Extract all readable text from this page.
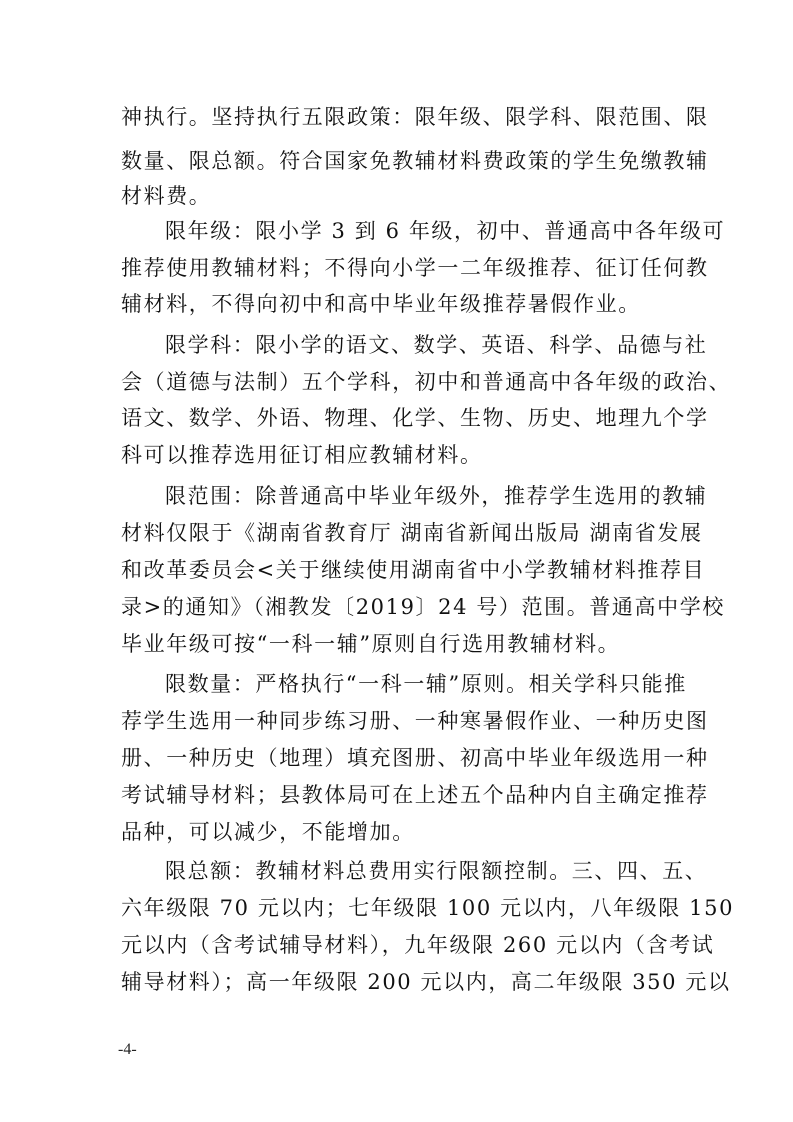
神执行。坚持执行五限政策：限年级、限学科、限范围、限
数量、限总额。符合国家免教辅材料费政策的学生免缴教辅
材料费。
限年级：限小学 3 到 6 年级，初中、普通高中各年级可
推荐使用教辅材料；不得向小学一二年级推荐、征订任何教
辅材料，不得向初中和高中毕业年级推荐暑假作业。
限学科：限小学的语文、数学、英语、科学、品德与社
会（道德与法制）五个学科，初中和普通高中各年级的政治、
语文、数学、外语、物理、化学、生物、历史、地理九个学
科可以推荐选用征订相应教辅材料。
限范围：除普通高中毕业年级外，推荐学生选用的教辅
材料仅限于《湖南省教育厅 湖南省新闻出版局 湖南省发展
和改革委员会<关于继续使用湖南省中小学教辅材料推荐目
录>的通知》（湘教发〔2019〕24 号）范围。普通高中学校
毕业年级可按“一科一辅”原则自行选用教辅材料。
限数量：严格执行“一科一辅”原则。相关学科只能推
荐学生选用一种同步练习册、一种寒暑假作业、一种历史图
册、一种历史（地理）填充图册、初高中毕业年级选用一种
考试辅导材料；县教体局可在上述五个品种内自主确定推荐
品种，可以减少，不能增加。
限总额：教辅材料总费用实行限额控制。三、四、五、
六年级限 70 元以内；七年级限 100 元以内，八年级限 150
元以内（含考试辅导材料），九年级限 260 元以内（含考试
辅导材料）；高一年级限 200 元以内，高二年级限 350 元以
-4-
